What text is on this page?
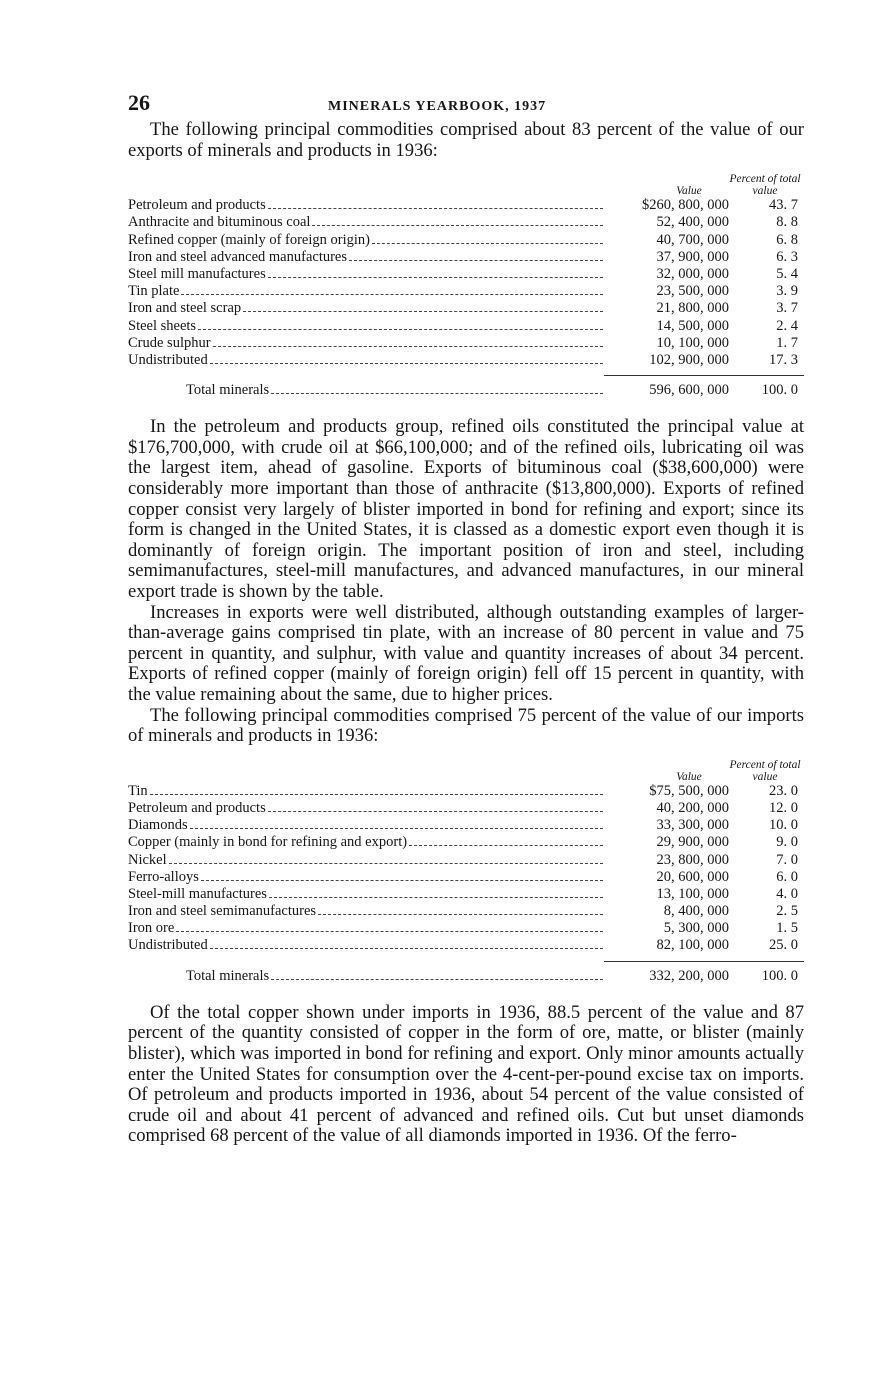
26	MINERALS YEARBOOK, 1937

The following principal commodities comprised about 83 percent of the value of our exports of minerals and products in 1936:

Value
Percent of total value
Petroleum and products	$260, 800, 000	43. 7
Anthracite and bituminous coal	52, 400, 000	8. 8
Refined copper (mainly of foreign origin)	40, 700, 000	6. 8
Iron and steel advanced manufactures	37, 900, 000	6. 3
Steel mill manufactures	32, 000, 000	5. 4
Tin plate	23, 500, 000	3. 9
Iron and steel scrap	21, 800, 000	3. 7
Steel sheets	14, 500, 000	2. 4
Crude sulphur	10, 100, 000	1. 7
Undistributed	102, 900, 000	17. 3
Total minerals	596, 600, 000	100. 0

In the petroleum and products group, refined oils constituted the principal value at $176,700,000, with crude oil at $66,100,000; and of the refined oils, lubricating oil was the largest item, ahead of gasoline. Exports of bituminous coal ($38,600,000) were considerably more important than those of anthracite ($13,800,000). Exports of refined copper consist very largely of blister imported in bond for refining and export; since its form is changed in the United States, it is classed as a domestic export even though it is dominantly of foreign origin. The important position of iron and steel, including semimanufactures, steel-mill manufactures, and advanced manufactures, in our mineral export trade is shown by the table.

Increases in exports were well distributed, although outstanding examples of larger-than-average gains comprised tin plate, with an increase of 80 percent in value and 75 percent in quantity, and sulphur, with value and quantity increases of about 34 percent. Exports of refined copper (mainly of foreign origin) fell off 15 percent in quantity, with the value remaining about the same, due to higher prices.

The following principal commodities comprised 75 percent of the value of our imports of minerals and products in 1936:

Value
Percent of total value
Tin	$75, 500, 000	23. 0
Petroleum and products	40, 200, 000	12. 0
Diamonds	33, 300, 000	10. 0
Copper (mainly in bond for refining and export)	29, 900, 000	9. 0
Nickel	23, 800, 000	7. 0
Ferro-alloys	20, 600, 000	6. 0
Steel-mill manufactures	13, 100, 000	4. 0
Iron and steel semimanufactures	8, 400, 000	2. 5
Iron ore	5, 300, 000	1. 5
Undistributed	82, 100, 000	25. 0
Total minerals	332, 200, 000	100. 0

Of the total copper shown under imports in 1936, 88.5 percent of the value and 87 percent of the quantity consisted of copper in the form of ore, matte, or blister (mainly blister), which was imported in bond for refining and export. Only minor amounts actually enter the United States for consumption over the 4-cent-per-pound excise tax on imports. Of petroleum and products imported in 1936, about 54 percent of the value consisted of crude oil and about 41 percent of advanced and refined oils. Cut but unset diamonds comprised 68 percent of the value of all diamonds imported in 1936. Of the ferro-
